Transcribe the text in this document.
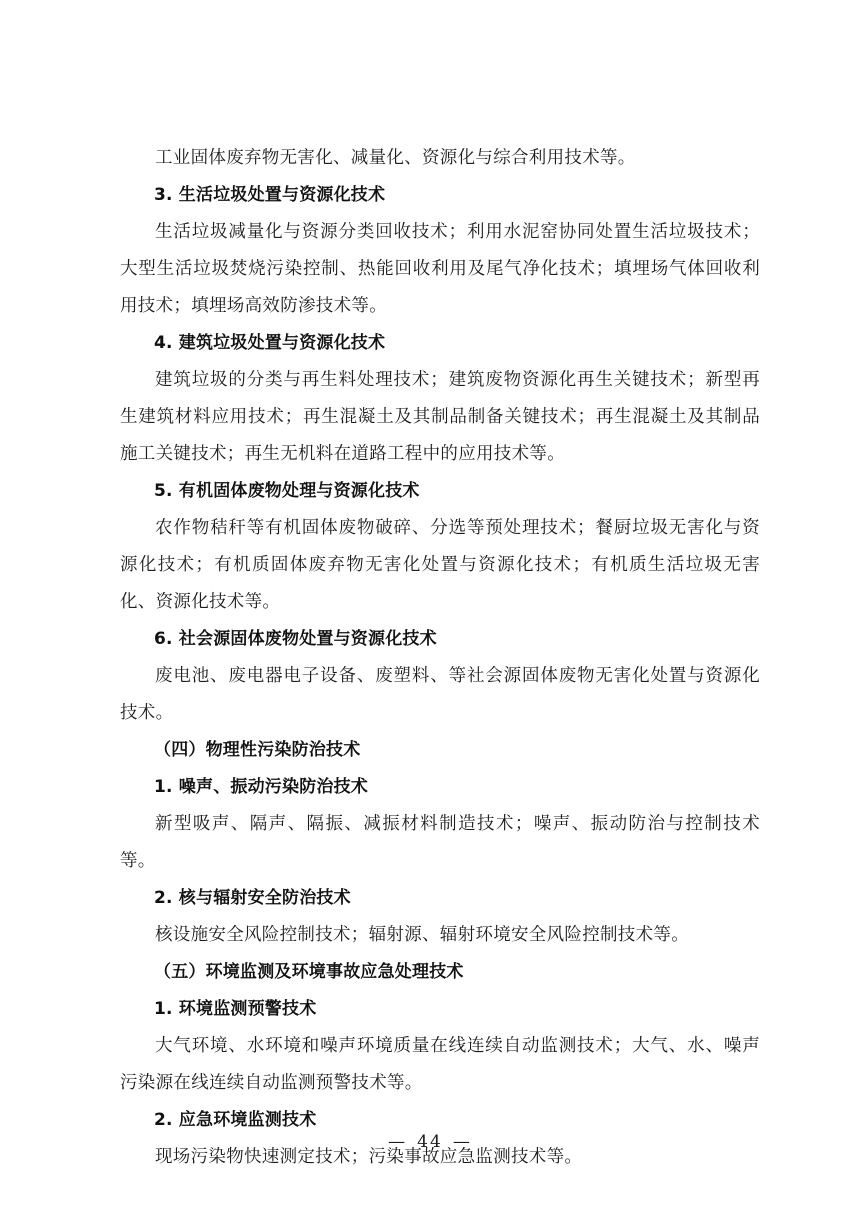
工业固体废弃物无害化、减量化、资源化与综合利用技术等。

3. 生活垃圾处置与资源化技术

生活垃圾减量化与资源分类回收技术；利用水泥窑协同处置生活垃圾技术；大型生活垃圾焚烧污染控制、热能回收利用及尾气净化技术；填埋场气体回收利用技术；填埋场高效防渗技术等。

4. 建筑垃圾处置与资源化技术

建筑垃圾的分类与再生料处理技术；建筑废物资源化再生关键技术；新型再生建筑材料应用技术；再生混凝土及其制品制备关键技术；再生混凝土及其制品施工关键技术；再生无机料在道路工程中的应用技术等。

5. 有机固体废物处理与资源化技术

农作物秸秆等有机固体废物破碎、分选等预处理技术；餐厨垃圾无害化与资源化技术；有机质固体废弃物无害化处置与资源化技术；有机质生活垃圾无害化、资源化技术等。

6. 社会源固体废物处置与资源化技术

废电池、废电器电子设备、废塑料、等社会源固体废物无害化处置与资源化技术。

（四）物理性污染防治技术

1. 噪声、振动污染防治技术

新型吸声、隔声、隔振、减振材料制造技术；噪声、振动防治与控制技术等。

2. 核与辐射安全防治技术

核设施安全风险控制技术；辐射源、辐射环境安全风险控制技术等。

（五）环境监测及环境事故应急处理技术

1. 环境监测预警技术

大气环境、水环境和噪声环境质量在线连续自动监测技术；大气、水、噪声污染源在线连续自动监测预警技术等。

2. 应急环境监测技术

现场污染物快速测定技术；污染事故应急监测技术等。

— 44 —
